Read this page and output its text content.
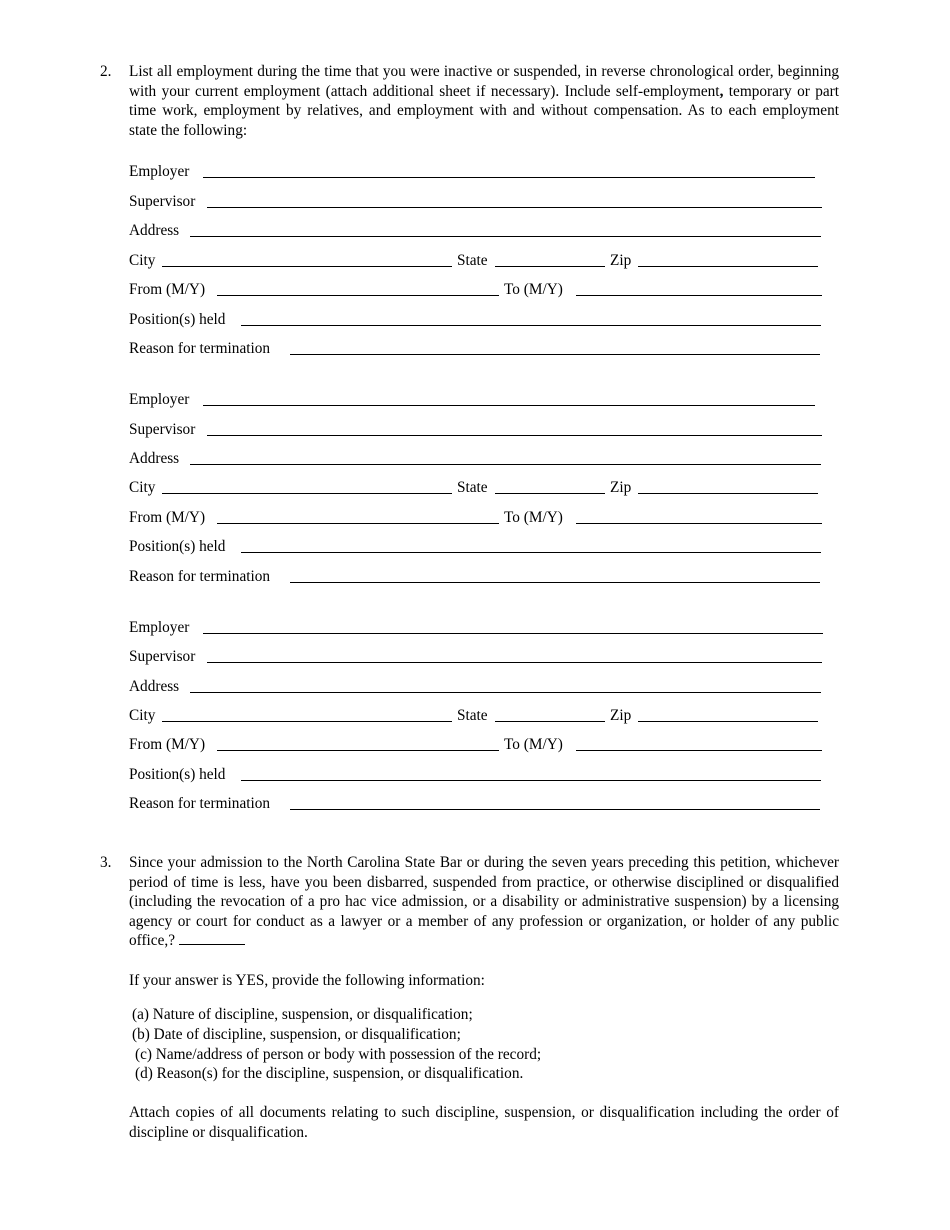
2. List all employment during the time that you were inactive or suspended, in reverse chronological order, beginning with your current employment (attach additional sheet if necessary). Include self-employment, temporary or part time work, employment by relatives, and employment with and without compensation. As to each employment state the following:
Employer
Supervisor
Address
City	State	Zip
From (M/Y)	To (M/Y)
Position(s) held
Reason for termination
Employer
Supervisor
Address
City	State	Zip
From (M/Y)	To (M/Y)
Position(s) held
Reason for termination
Employer
Supervisor
Address
City	State	Zip
From (M/Y)	To (M/Y)
Position(s) held
Reason for termination
3. Since your admission to the North Carolina State Bar or during the seven years preceding this petition, whichever period of time is less, have you been disbarred, suspended from practice, or otherwise disciplined or disqualified (including the revocation of a pro hac vice admission, or a disability or administrative suspension) by a licensing agency or court for conduct as a lawyer or a member of any profession or organization, or holder of any public office,?
If your answer is YES, provide the following information:
(a) Nature of discipline, suspension, or disqualification;
(b) Date of discipline, suspension, or disqualification;
(c) Name/address of person or body with possession of the record;
(d) Reason(s) for the discipline, suspension, or disqualification.
Attach copies of all documents relating to such discipline, suspension, or disqualification including the order of discipline or disqualification.
